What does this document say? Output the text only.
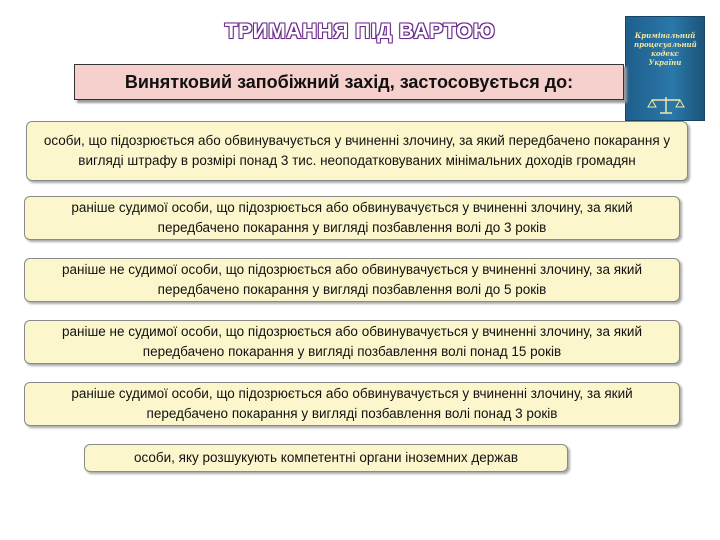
ТРИМАННЯ ПІД ВАРТОЮ	Кримінальний процесуальний кодекс України
Винятковий запобіжний захід, застосовується до:
особи, що підозрюється або обвинувачується у вчиненні злочину, за який передбачено покарання у вигляді штрафу в розмірі понад 3 тис. неоподатковуваних мінімальних доходів громадян
раніше судимої особи, що підозрюється або обвинувачується у вчиненні злочину, за який передбачено покарання у вигляді позбавлення волі до 3 років
раніше не судимої особи, що підозрюється або обвинувачується у вчиненні злочину, за який передбачено покарання у вигляді позбавлення волі до 5 років
раніше не судимої особи, що підозрюється або обвинувачується у вчиненні злочину, за який передбачено покарання у вигляді позбавлення волі понад 15 років
раніше судимої особи, що підозрюється або обвинувачується у вчиненні злочину, за який передбачено покарання у вигляді позбавлення волі понад 3 років
особи, яку розшукують компетентні органи іноземних держав
